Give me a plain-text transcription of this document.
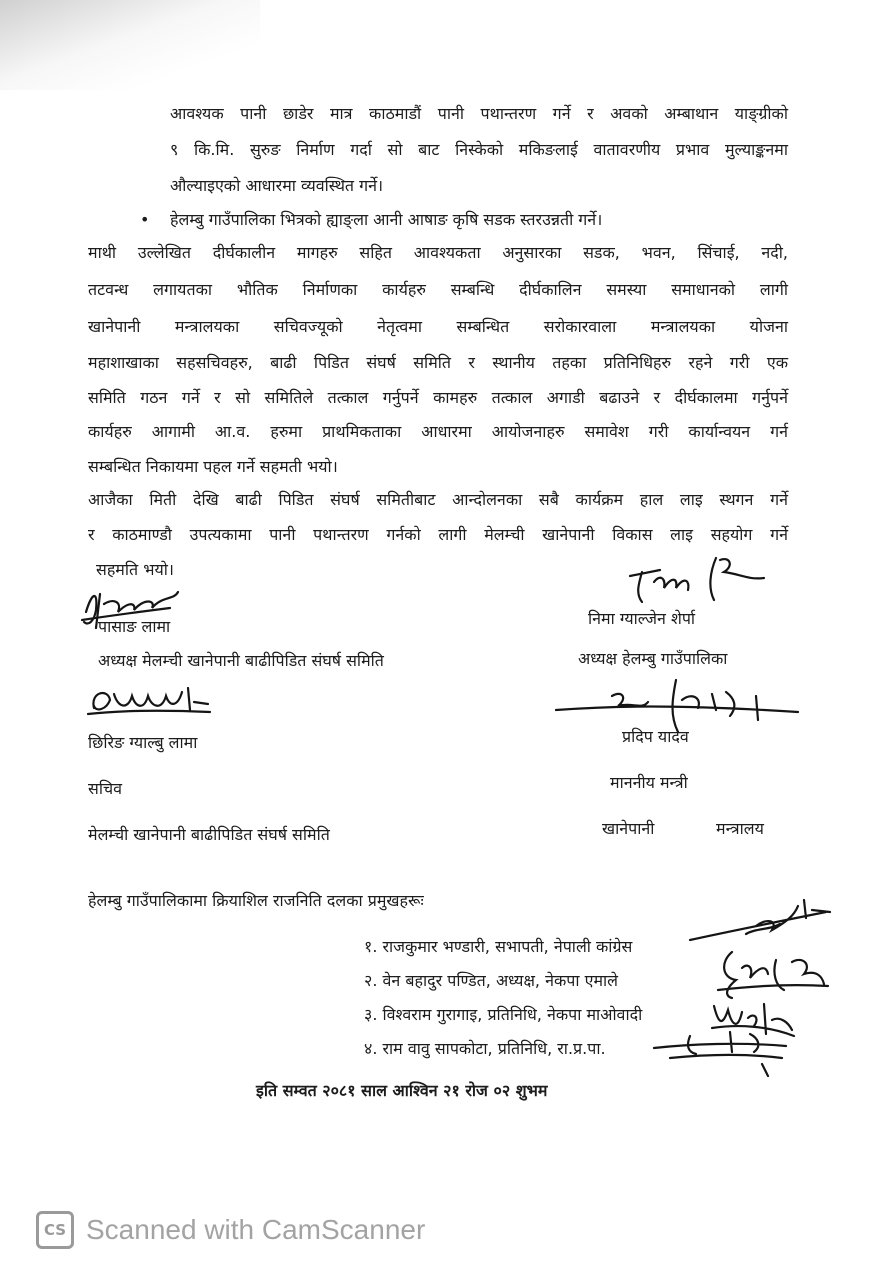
आवश्यक पानी छाडेर मात्र काठमाडौं पानी पथान्तरण गर्ने र अवको अम्बाथान याङ्ग्रीको
९ कि.मि. सुरुङ निर्माण गर्दा सो बाट निस्केको मकिङलाई वातावरणीय प्रभाव मुल्याङ्कनमा
औल्याइएको आधारमा व्यवस्थित गर्ने।
• हेलम्बु गाउँपालिका भित्रको ह्याङ्ला आनी आषाङ कृषि सडक स्तरउन्नती गर्ने।
माथी उल्लेखित दीर्घकालीन मागहरु सहित आवश्यकता अनुसारका सडक, भवन, सिंचाई, नदी,
तटवन्ध लगायतका भौतिक निर्माणका कार्यहरु सम्बन्धि दीर्घकालिन समस्या समाधानको लागी
खानेपानी मन्त्रालयका सचिवज्यूको नेतृत्वमा सम्बन्धित सरोकारवाला मन्त्रालयका योजना
महाशाखाका सहसचिवहरु, बाढी पिडित संघर्ष समिति र स्थानीय तहका प्रतिनिधिहरु रहने गरी एक
समिति गठन गर्ने र सो समितिले तत्काल गर्नुपर्ने कामहरु तत्काल अगाडी बढाउने र दीर्घकालमा गर्नुपर्ने
कार्यहरु आगामी आ.व. हरुमा प्राथमिकताका आधारमा आयोजनाहरु समावेश गरी कार्यान्वयन गर्न
सम्बन्धित निकायमा पहल गर्ने सहमती भयो।
आजैका मिती देखि बाढी पिडित संघर्ष समितीबाट आन्दोलनका सबै कार्यक्रम हाल लाइ स्थगन गर्ने
र काठमाण्डौ उपत्यकामा पानी पथान्तरण गर्नको लागी मेलम्ची खानेपानी विकास लाइ सहयोग गर्ने
सहमति भयो।
पासाङ लामा	निमा ग्याल्जेन शेर्पा
अध्यक्ष मेलम्ची खानेपानी बाढीपिडित संघर्ष समिति	अध्यक्ष हेलम्बु गाउँपालिका
छिरिङ ग्याल्बु लामा	प्रदिप यादव
सचिव	माननीय मन्त्री
मेलम्ची खानेपानी बाढीपिडित संघर्ष समिति	खानेपानी	मन्त्रालय
हेलम्बु गाउँपालिकामा क्रियाशिल राजनिति दलका प्रमुखहरूः
१. राजकुमार भण्डारी, सभापती, नेपाली कांग्रेस
२. वेन बहादुर पण्डित, अध्यक्ष, नेकपा एमाले
३. विश्वराम गुरागाइ, प्रतिनिधि, नेकपा माओवादी
४. राम वावु सापकोटा, प्रतिनिधि, रा.प्र.पा.
इति सम्वत २०८१ साल आश्विन २१ रोज ०२ शुभम
CS Scanned with CamScanner
